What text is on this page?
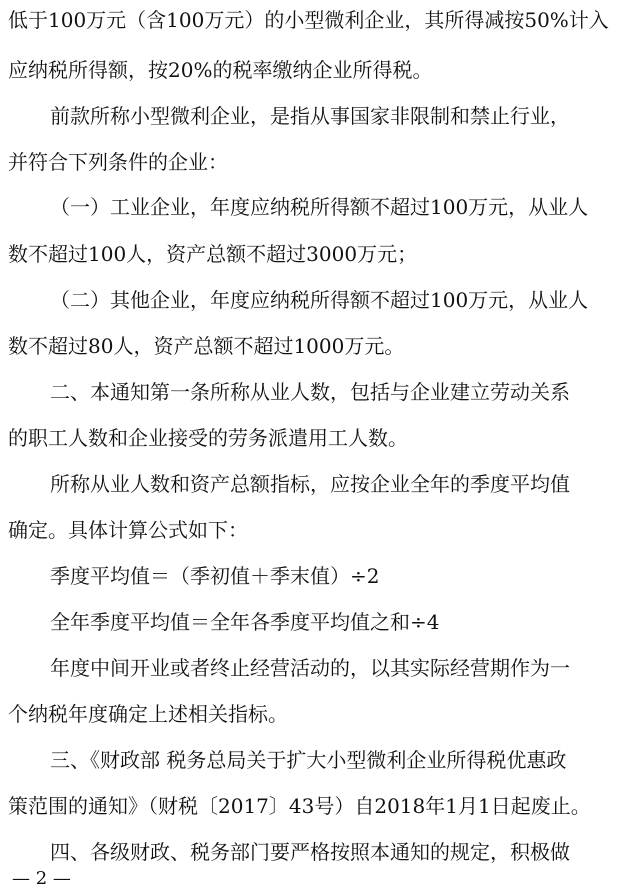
低于100万元（含100万元）的小型微利企业，其所得减按50%计入
应纳税所得额，按20%的税率缴纳企业所得税。
前款所称小型微利企业，是指从事国家非限制和禁止行业，
并符合下列条件的企业：
（一）工业企业，年度应纳税所得额不超过100万元，从业人
数不超过100人，资产总额不超过3000万元；
（二）其他企业，年度应纳税所得额不超过100万元，从业人
数不超过80人，资产总额不超过1000万元。
二、本通知第一条所称从业人数，包括与企业建立劳动关系
的职工人数和企业接受的劳务派遣用工人数。
所称从业人数和资产总额指标，应按企业全年的季度平均值
确定。具体计算公式如下：
季度平均值＝（季初值＋季末值）÷2
全年季度平均值＝全年各季度平均值之和÷4
年度中间开业或者终止经营活动的，以其实际经营期作为一
个纳税年度确定上述相关指标。
三、《财政部 税务总局关于扩大小型微利企业所得税优惠政
策范围的通知》（财税〔2017〕43号）自2018年1月1日起废止。
四、各级财政、税务部门要严格按照本通知的规定，积极做
— 2 —
